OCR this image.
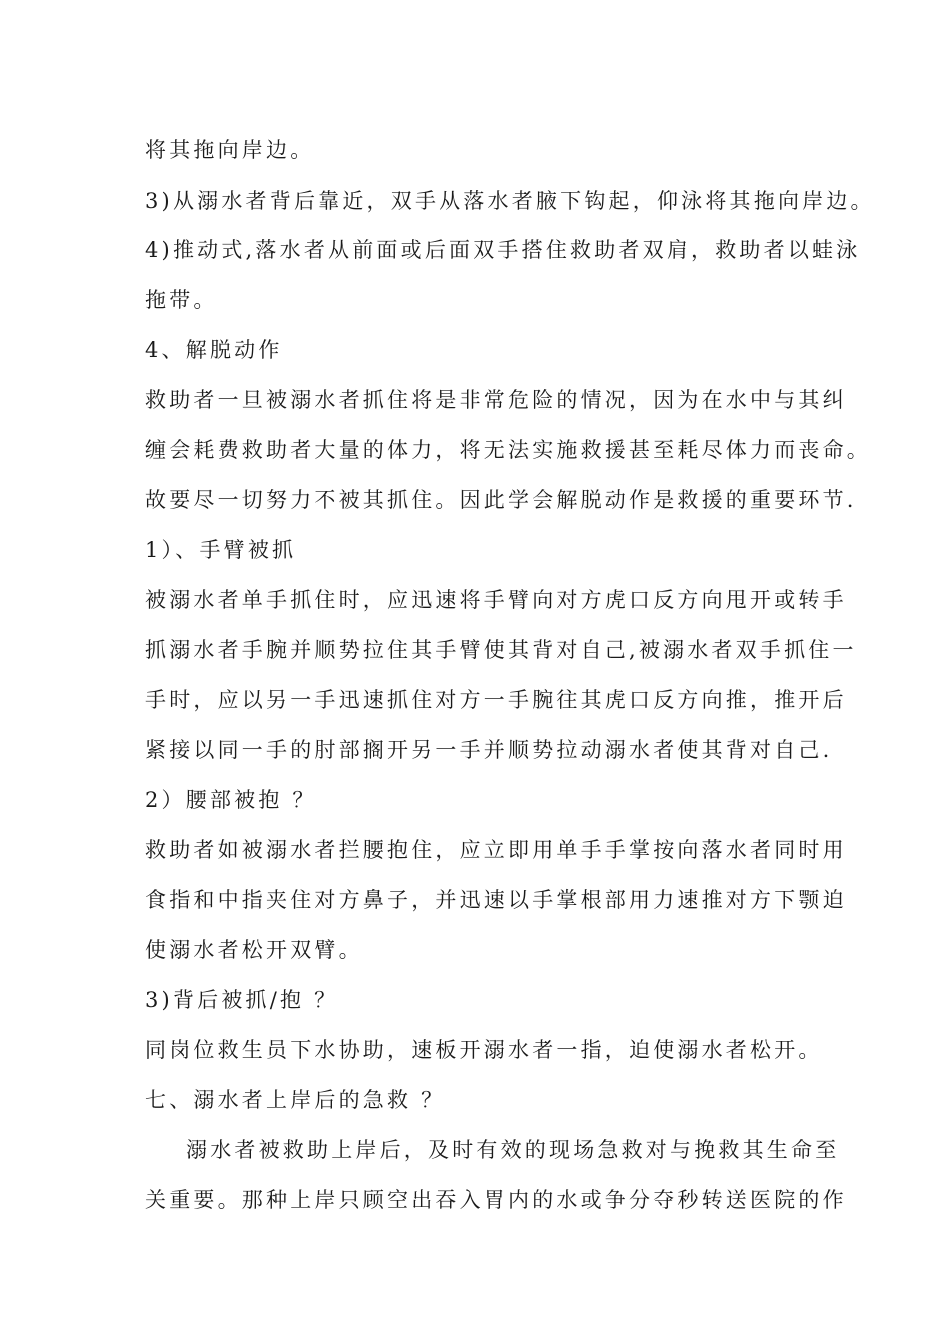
将其拖向岸边。
3)从溺水者背后靠近，双手从落水者腋下钩起，仰泳将其拖向岸边。
4)推动式,落水者从前面或后面双手搭住救助者双肩，救助者以蛙泳
拖带。
4、解脱动作
救助者一旦被溺水者抓住将是非常危险的情况，因为在水中与其纠
缠会耗费救助者大量的体力，将无法实施救援甚至耗尽体力而丧命。
故要尽一切努力不被其抓住。因此学会解脱动作是救援的重要环节.
1）、手臂被抓
被溺水者单手抓住时，应迅速将手臂向对方虎口反方向甩开或转手
抓溺水者手腕并顺势拉住其手臂使其背对自己,被溺水者双手抓住一
手时，应以另一手迅速抓住对方一手腕往其虎口反方向推，推开后
紧接以同一手的肘部搁开另一手并顺势拉动溺水者使其背对自己.
2）腰部被抱 ？
救助者如被溺水者拦腰抱住，应立即用单手手掌按向落水者同时用
食指和中指夹住对方鼻子，并迅速以手掌根部用力速推对方下颚迫
使溺水者松开双臂。
3)背后被抓/抱 ？
同岗位救生员下水协助，速板开溺水者一指，迫使溺水者松开。
七、溺水者上岸后的急救 ？
溺水者被救助上岸后，及时有效的现场急救对与挽救其生命至
关重要。那种上岸只顾空出吞入胃内的水或争分夺秒转送医院的作
